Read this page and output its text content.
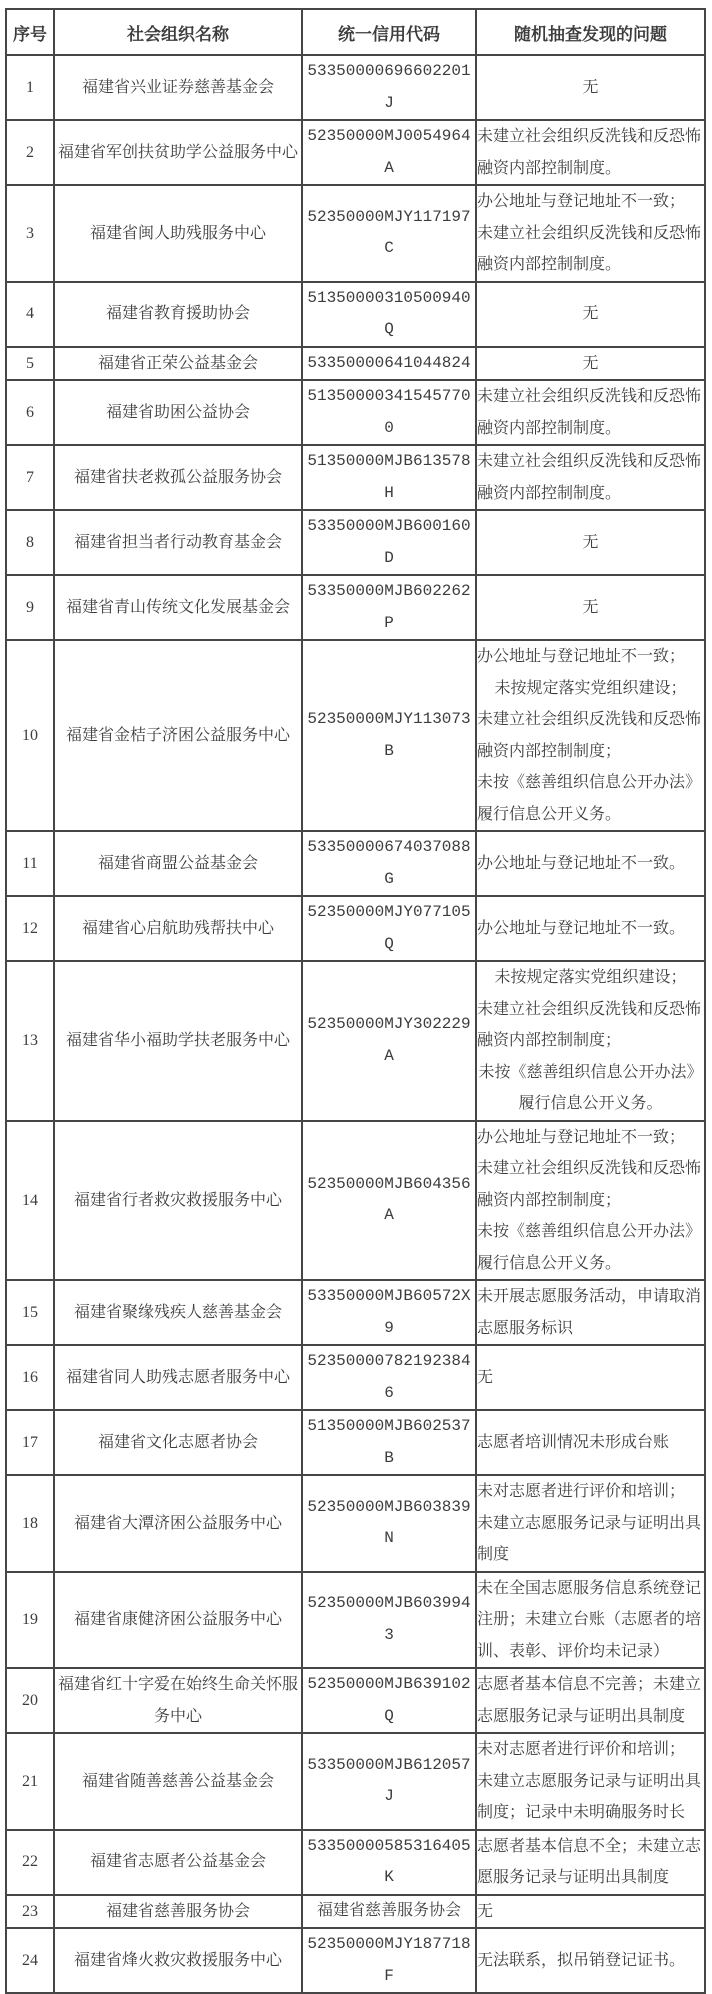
序号	社会组织名称	统一信用代码	随机抽查发现的问题
1	福建省兴业证券慈善基金会	53350000696602201J	无

2	福建省军创扶贫助学公益服务中心	52350000MJ0054964A	未建立社会组织反洗钱和反恐怖融资内部控制制度。

3	福建省闽人助残服务中心	52350000MJY117197C	办公地址与登记地址不一致；
未建立社会组织反洗钱和反恐怖融资内部控制制度。

4	福建省教育援助协会	51350000310500940Q	无

5	福建省正荣公益基金会	53350000641044824	无

6	福建省助困公益协会	513500003415457700	未建立社会组织反洗钱和反恐怖融资内部控制制度。

7	福建省扶老救孤公益服务协会	51350000MJB613578H	未建立社会组织反洗钱和反恐怖融资内部控制制度。

8	福建省担当者行动教育基金会	53350000MJB600160D	无

9	福建省青山传统文化发展基金会	53350000MJB602262P	无

10	福建省金桔子济困公益服务中心	52350000MJY113073B	办公地址与登记地址不一致；
未按规定落实党组织建设；
未建立社会组织反洗钱和反恐怖融资内部控制制度；
未按《慈善组织信息公开办法》履行信息公开义务。

11	福建省商盟公益基金会	53350000674037088G	办公地址与登记地址不一致。

12	福建省心启航助残帮扶中心	52350000MJY077105Q	办公地址与登记地址不一致。

13	福建省华小福助学扶老服务中心	52350000MJY302229A	未按规定落实党组织建设；
未建立社会组织反洗钱和反恐怖融资内部控制制度；
未按《慈善组织信息公开办法》履行信息公开义务。

14	福建省行者救灾救援服务中心	52350000MJB604356A	办公地址与登记地址不一致；
未建立社会组织反洗钱和反恐怖融资内部控制制度；
未按《慈善组织信息公开办法》履行信息公开义务。

15	福建省聚缘残疾人慈善基金会	53350000MJB60572X9	未开展志愿服务活动，申请取消志愿服务标识

16	福建省同人助残志愿者服务中心	523500007821923846	无

17	福建省文化志愿者协会	51350000MJB602537B	志愿者培训情况未形成台账

18	福建省大潭济困公益服务中心	52350000MJB603839N	未对志愿者进行评价和培训；
未建立志愿服务记录与证明出具制度

19	福建省康健济困公益服务中心	52350000MJB6039943	未在全国志愿服务信息系统登记注册；未建立台账（志愿者的培训、表彰、评价均未记录）

20	福建省红十字爱在始终生命关怀服务中心	52350000MJB639102Q	志愿者基本信息不完善；未建立志愿服务记录与证明出具制度

21	福建省随善慈善公益基金会	53350000MJB612057J	未对志愿者进行评价和培训；
未建立志愿服务记录与证明出具制度；记录中未明确服务时长

22	福建省志愿者公益基金会	53350000585316405K	志愿者基本信息不全；未建立志愿服务记录与证明出具制度

23	福建省慈善服务协会	福建省慈善服务协会	无

24	福建省烽火救灾救援服务中心	52350000MJY187718F	无法联系，拟吊销登记证书。
